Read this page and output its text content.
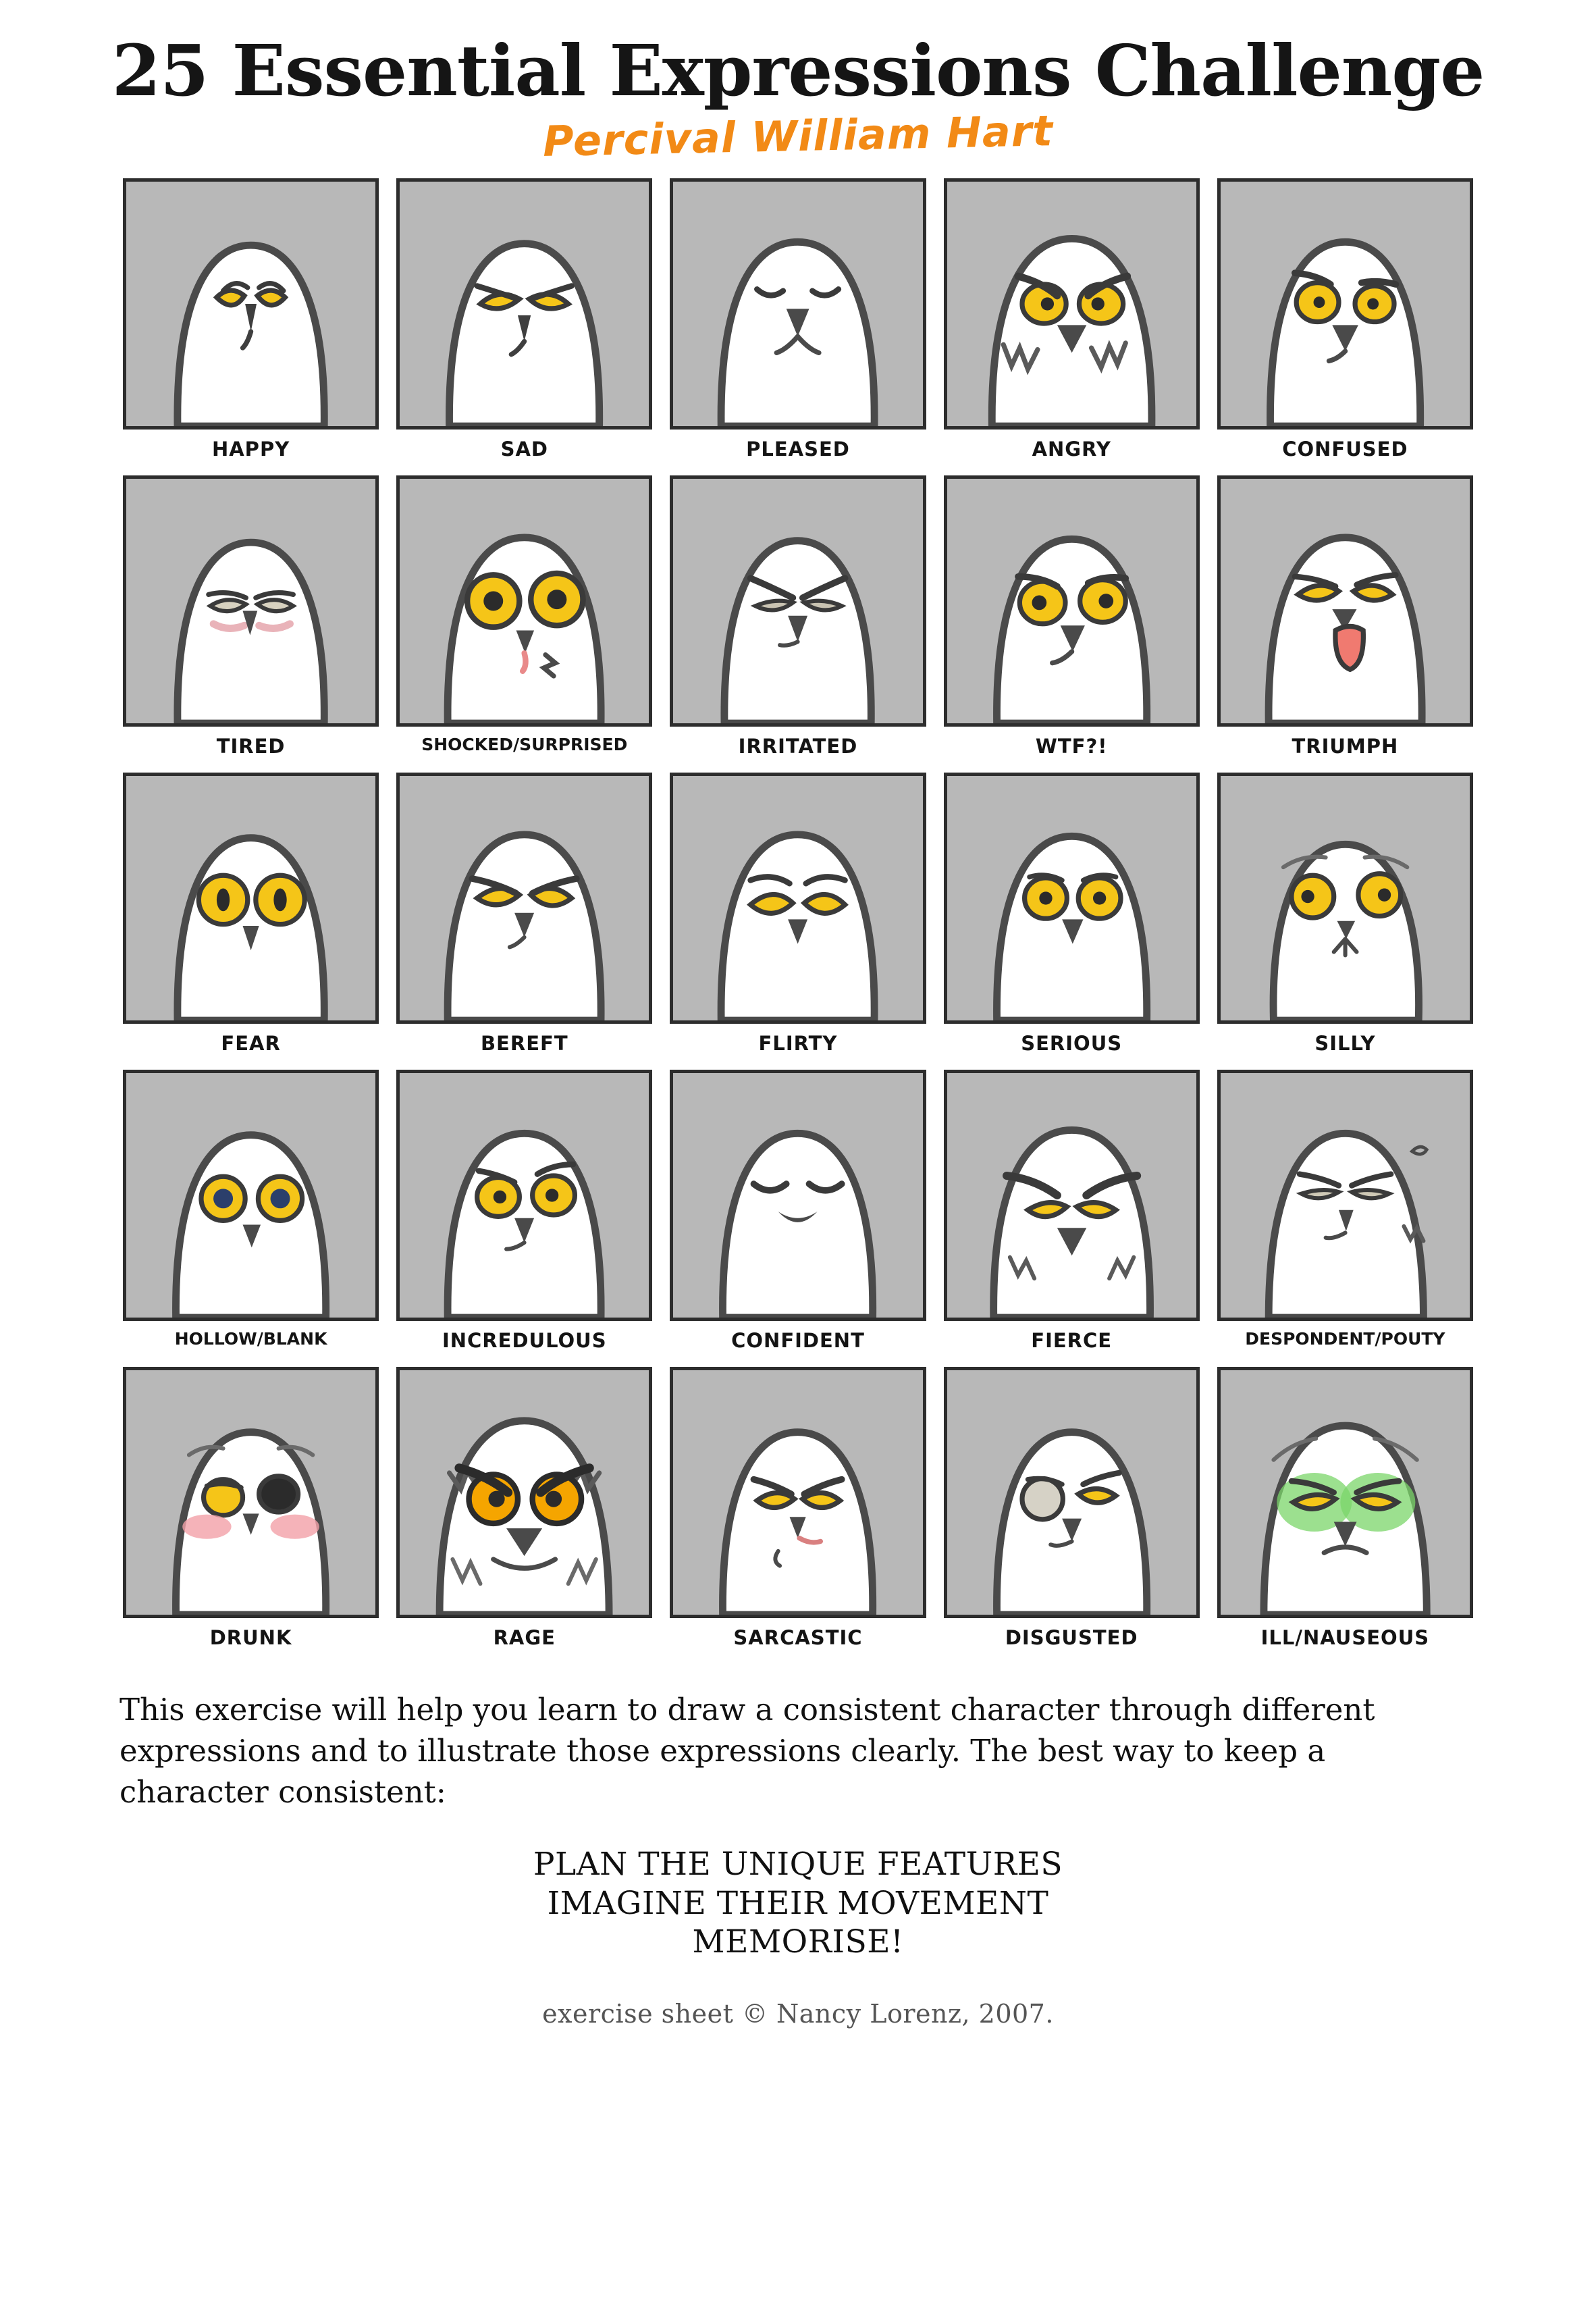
25 Essential Expressions Challenge
Percival William Hart
HAPPY	SAD	PLEASED	ANGRY	CONFUSED
TIRED	SHOCKED/SURPRISED	IRRITATED	WTF?!	TRIUMPH
FEAR	BEREFT	FLIRTY	SERIOUS	SILLY
HOLLOW/BLANK	INCREDULOUS	CONFIDENT	FIERCE	DESPONDENT/POUTY
DRUNK	RAGE	SARCASTIC	DISGUSTED	ILL/NAUSEOUS
This exercise will help you learn to draw a consistent character through different expressions and to illustrate those expressions clearly. The best way to keep a character consistent:
PLAN THE UNIQUE FEATURES
IMAGINE THEIR MOVEMENT
MEMORISE!
exercise sheet © Nancy Lorenz, 2007.
